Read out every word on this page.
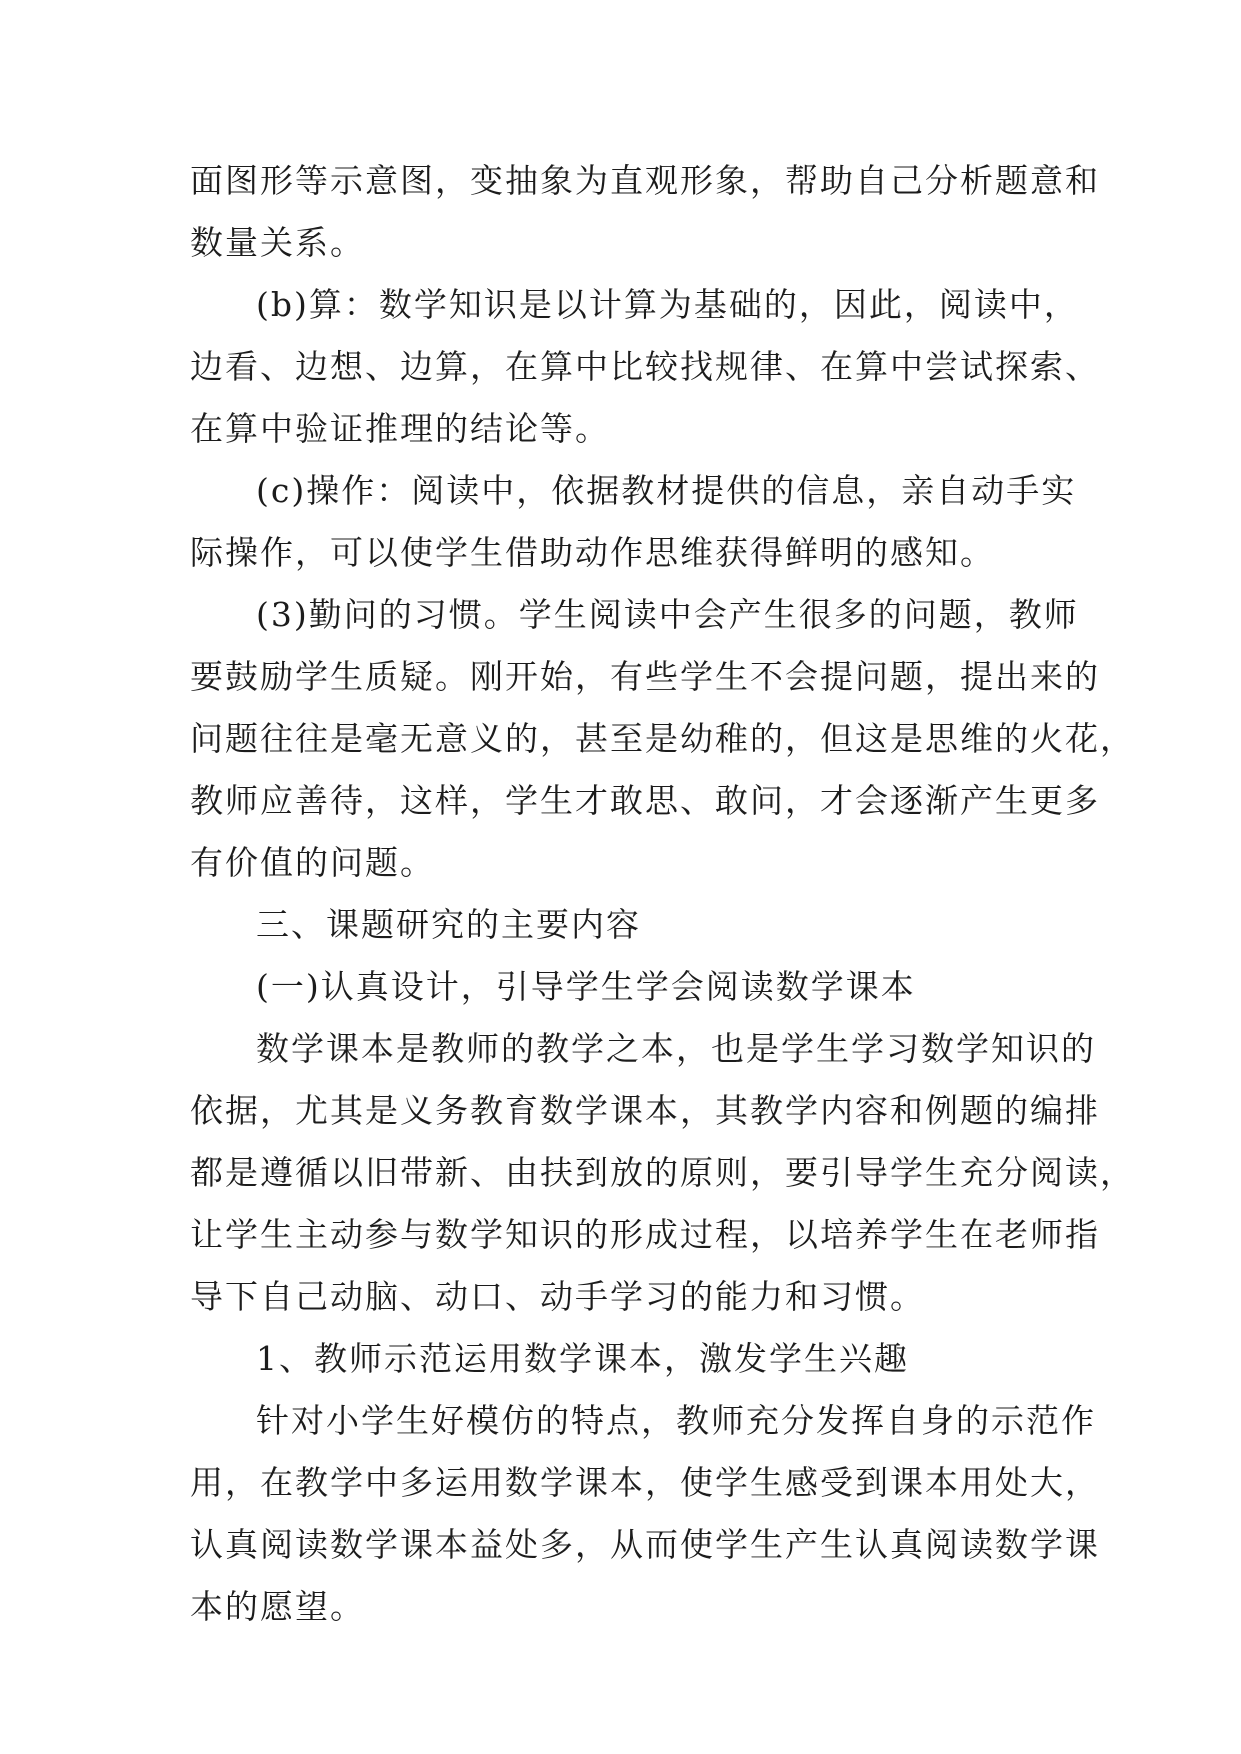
面图形等示意图，变抽象为直观形象，帮助自己分析题意和
数量关系。
(b)算：数学知识是以计算为基础的，因此，阅读中，
边看、边想、边算，在算中比较找规律、在算中尝试探索、
在算中验证推理的结论等。
(c)操作：阅读中，依据教材提供的信息，亲自动手实
际操作，可以使学生借助动作思维获得鲜明的感知。
(3)勤问的习惯。学生阅读中会产生很多的问题，教师
要鼓励学生质疑。刚开始，有些学生不会提问题，提出来的
问题往往是毫无意义的，甚至是幼稚的，但这是思维的火花，
教师应善待，这样，学生才敢思、敢问，才会逐渐产生更多
有价值的问题。
三、课题研究的主要内容
(一)认真设计，引导学生学会阅读数学课本
数学课本是教师的教学之本，也是学生学习数学知识的
依据，尤其是义务教育数学课本，其教学内容和例题的编排
都是遵循以旧带新、由扶到放的原则，要引导学生充分阅读，
让学生主动参与数学知识的形成过程，以培养学生在老师指
导下自己动脑、动口、动手学习的能力和习惯。
1、教师示范运用数学课本，激发学生兴趣
针对小学生好模仿的特点，教师充分发挥自身的示范作
用，在教学中多运用数学课本，使学生感受到课本用处大，
认真阅读数学课本益处多，从而使学生产生认真阅读数学课
本的愿望。
